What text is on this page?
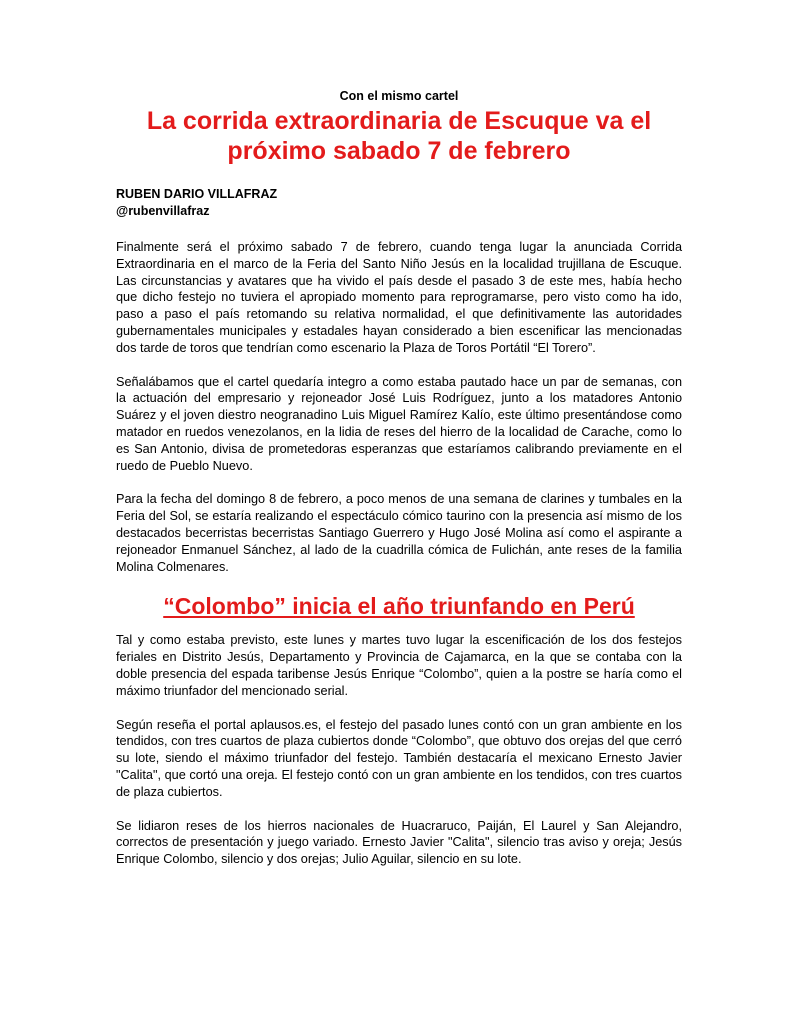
Con el mismo cartel
La corrida extraordinaria de Escuque va el
próximo sabado 7 de febrero
RUBEN DARIO VILLAFRAZ
@rubenvillafraz

Finalmente será el próximo sabado 7 de febrero, cuando tenga lugar la anunciada Corrida Extraordinaria en el marco de la Feria del Santo Niño Jesús en la localidad trujillana de Escuque. Las circunstancias y avatares que ha vivido el país desde el pasado 3 de este mes, había hecho que dicho festejo no tuviera el apropiado momento para reprogramarse, pero visto como ha ido, paso a paso el país retomando su relativa normalidad, el que definitivamente las autoridades gubernamentales municipales y estadales hayan considerado a bien escenificar las mencionadas dos tarde de toros que tendrían como escenario la Plaza de Toros Portátil “El Torero”.

Señalábamos que el cartel quedaría integro a como estaba pautado hace un par de semanas, con la actuación del empresario y rejoneador José Luis Rodríguez, junto a los matadores Antonio Suárez y el joven diestro neogranadino Luis Miguel Ramírez Kalío, este último presentándose como matador en ruedos venezolanos, en la lidia de reses del hierro de la localidad de Carache, como lo es San Antonio, divisa de prometedoras esperanzas que estaríamos calibrando previamente en el ruedo de Pueblo Nuevo.

Para la fecha del domingo 8 de febrero, a poco menos de una semana de clarines y tumbales en la Feria del Sol, se estaría realizando el espectáculo cómico taurino con la presencia así mismo de los destacados becerristas becerristas Santiago Guerrero y Hugo José Molina así como el aspirante a rejoneador Enmanuel Sánchez, al lado de la cuadrilla cómica de Fulichán, ante reses de la familia Molina Colmenares.

“Colombo” inicia el año triunfando en Perú

Tal y como estaba previsto, este lunes y martes tuvo lugar la escenificación de los dos festejos feriales en Distrito Jesús, Departamento y Provincia de Cajamarca, en la que se contaba con la doble presencia del espada taribense Jesús Enrique “Colombo”, quien a la postre se haría como el máximo triunfador del mencionado serial.

Según reseña el portal aplausos.es, el festejo del pasado lunes contó con un gran ambiente en los tendidos, con tres cuartos de plaza cubiertos donde “Colombo”, que obtuvo dos orejas del que cerró su lote, siendo el máximo triunfador del festejo. También destacaría el mexicano Ernesto Javier "Calita", que cortó una oreja. El festejo contó con un gran ambiente en los tendidos, con tres cuartos de plaza cubiertos.

Se lidiaron reses de los hierros nacionales de Huacraruco, Paiján, El Laurel y San Alejandro, correctos de presentación y juego variado. Ernesto Javier "Calita", silencio tras aviso y oreja; Jesús Enrique Colombo, silencio y dos orejas; Julio Aguilar, silencio en su lote.
